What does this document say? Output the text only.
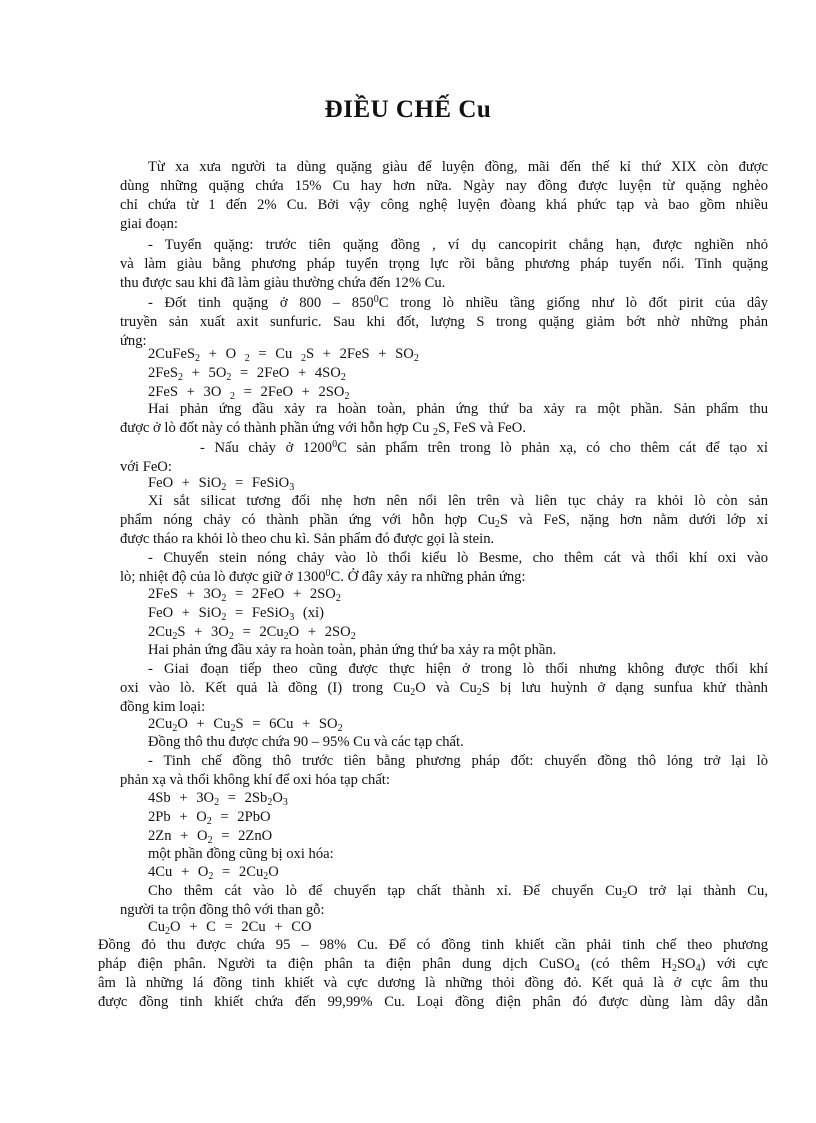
ĐIỀU CHẾ Cu
Từ xa xưa người ta dùng quặng giàu để luyện đồng, mãi đến thế kỉ thứ XIX còn được
dùng những quặng chứa 15% Cu hay hơn nữa. Ngày nay đồng được luyện từ quặng nghèo
chỉ chứa từ 1 đến 2% Cu. Bởi vậy công nghệ luyện đòang khá phức tạp và bao gồm nhiều
giai đoạn:
- Tuyển quặng: trước tiên quặng đồng , ví dụ cancopirit chẳng hạn, được nghiền nhỏ
và làm giàu bằng phương pháp tuyển trọng lực rồi bằng phương pháp tuyển nổi. Tinh quặng
thu được sau khi đã làm giàu thường chứa đến 12% Cu.
- Đốt tinh quặng ở $800 - 850^0C$ trong lò nhiều tầng giống như lò đốt pirit của dây
truyền sản xuất axit sunfuric. Sau khi đốt, lượng S trong quặng giảm bớt nhờ những phản
ứng:
2CuFeS$_2$ + O $_2$ = Cu $_2S + 2FeS + SO_2$
$2FeS_2 + 5O_2 = 2FeO + 4SO_2$
2FeS + 3O $_2 = 2FeO + 2SO_2$
Hai phản ứng đầu xảy ra hoàn toàn, phản ứng thứ ba xảy ra một phần. Sản phẩm thu
được ở lò đốt này có thành phần ứng với hỗn hợp Cu $_2$S, FeS và FeO.
- Nấu chảy ở 1200$^0$C sản phẩm trên trong lò phản xạ, có cho thêm cát để tạo xỉ
với FeO:
FeO + SiO$_2$ = FeSiO$_3$
Xỉ sắt silicat tương đối nhẹ hơn nên nổi lên trên và liên tục chảy ra khỏi lò còn sản
phẩm nóng chảy có thành phần ứng với hỗn hợp $Cu_2S$ và FeS, nặng hơn nằm dưới lớp xỉ
được tháo ra khỏi lò theo chu kì. Sản phẩm đó được gọi là stein.
- Chuyển stein nóng chảy vào lò thổi kiểu lò Besme, cho thêm cát và thổi khí oxi vào
lò; nhiệt độ của lò được giữ ở 1300$^0$C. Ở đây xảy ra những phản ứng:
$2FeS + 3O_2 = 2FeO + 2SO_2$
FeO + SiO$_2$ = FeSiO$_3$ (xỉ)
$2Cu_2S + 3O_2 = 2Cu_2O + 2SO_2$
Hai phản ứng đầu xảy ra hoàn toàn, phản ứng thứ ba xảy ra một phần.
- Giai đoạn tiếp theo cũng được thực hiện ở trong lò thổi nhưng không được thổi khí
oxi vào lò. Kết quả là đồng (I) trong $Cu_2O$ và $Cu_2S$ bị lưu huỳnh ở dạng sunfua khử thành
đồng kim loại:
$2Cu_2O + Cu_2S = 6Cu + SO_2$
Đồng thô thu được chứa 90 – 95% Cu và các tạp chất.
- Tinh chế đồng thô trước tiên bằng phương pháp đốt: chuyển đồng thô lỏng trở lại lò
phản xạ và thổi không khí để oxi hóa tạp chất:
$4Sb + 3O_2 = 2Sb_2O_3$
$2Pb + O_2 = 2PbO$
$2Zn + O_2 = 2ZnO$
một phần đồng cũng bị oxi hóa:
$4Cu + O_2 = 2Cu_2O$
Cho thêm cát vào lò để chuyển tạp chất thành xỉ. Để chuyển $Cu_2O$ trở lại thành Cu,
người ta trộn đồng thô với than gỗ:
$Cu_2O + C = 2Cu$ + CO
Đồng đỏ thu được chứa 95 – 98% Cu. Để có đồng tinh khiết cần phải tinh chế theo phương
pháp điện phân. Người ta điện phân ta điện phân dung dịch CuSO$_4$ (có thêm $H_2SO_4$) với cực
âm là những lá đồng tinh khiết và cực dương là những thỏi đồng đỏ. Kết quả là ở cực âm thu
được đồng tinh khiết chứa đến 99,99% Cu. Loại đồng điện phân đó được dùng làm dây dẫn
